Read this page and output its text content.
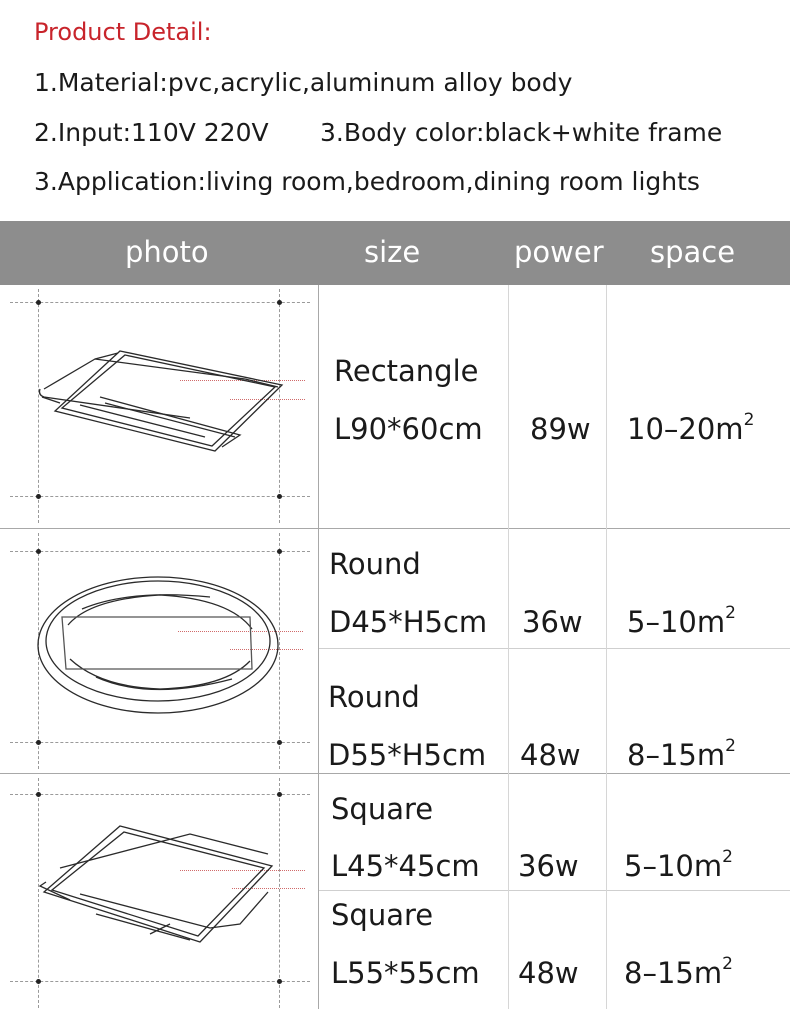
Product Detail:
1.Material:pvc,acrylic,aluminum alloy body
2.Input:110V 220V 3.Body color:black+white frame
3.Application:living room,bedroom,dining room lights
photo	size	power space
Rectangle
L90*60cm 89w $10-20m^2$
Round
D45*H5cm 36w $5-10m^2$
Round
D55*H5cm 48w $8-15m^2$
Square
L45*45cm 36w $5-10m^2$
Square
L55*55cm 48w $8-15m^2$
